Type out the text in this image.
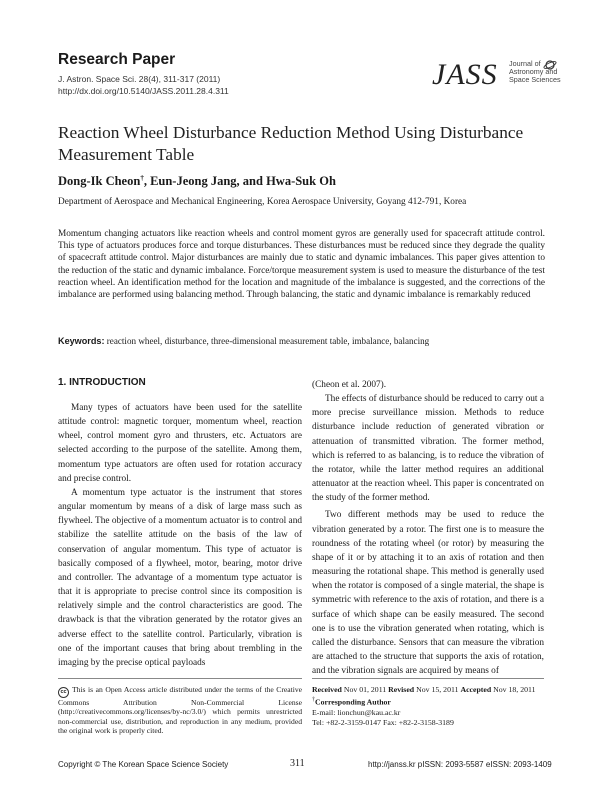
Research Paper
J. Astron. Space Sci. 28(4), 311-317 (2011)
http://dx.doi.org/10.5140/JASS.2011.28.4.311	JASS Journal of
Astronomy and
Space Sciences
Reaction Wheel Disturbance Reduction Method Using Disturbance Measurement Table
Dong-Ik Cheon†, Eun-Jeong Jang, and Hwa-Suk Oh
Department of Aerospace and Mechanical Engineering, Korea Aerospace University, Goyang 412-791, Korea
Momentum changing actuators like reaction wheels and control moment gyros are generally used for spacecraft attitude control. This type of actuators produces force and torque disturbances. These disturbances must be reduced since they degrade the quality of spacecraft attitude control. Major disturbances are mainly due to static and dynamic imbalances. This paper gives attention to the reduction of the static and dynamic imbalance. Force/torque measurement system is used to measure the disturbance of the test reaction wheel. An identification method for the location and magnitude of the imbalance is suggested, and the corrections of the imbalance are performed using balancing method. Through balancing, the static and dynamic imbalance is remarkably reduced
Keywords: reaction wheel, disturbance, three-dimensional measurement table, imbalance, balancing
1. INTRODUCTION

Many types of actuators have been used for the satellite attitude control: magnetic torquer, momentum wheel, reaction wheel, control moment gyro and thrusters, etc. Actuators are selected according to the purpose of the satellite. Among them, momentum type actuators are often used for rotation accuracy and precise control.

A momentum type actuator is the instrument that stores angular momentum by means of a disk of large mass such as flywheel. The objective of a momentum actuator is to control and stabilize the satellite attitude on the basis of the law of conservation of angular momentum. This type of actuator is basically composed of a flywheel, motor, bearing, motor drive and controller. The advantage of a momentum type actuator is that it is appropriate to precise control since its composition is relatively simple and the control characteristics are good. The drawback is that the vibration generated by the rotator gives an adverse effect to the satellite control. Particularly, vibration is one of the important causes that bring about trembling in the imaging by the precise optical payloads

(Cheon et al. 2007).

The effects of disturbance should be reduced to carry out a more precise surveillance mission. Methods to reduce disturbance include reduction of generated vibration or attenuation of transmitted vibration. The former method, which is referred to as balancing, is to reduce the vibration of the rotator, while the latter method requires an additional attenuator at the reaction wheel. This paper is concentrated on the study of the former method.

Two different methods may be used to reduce the vibration generated by a rotor. The first one is to measure the roundness of the rotating wheel (or rotor) by measuring the shape of it or by attaching it to an axis of rotation and then measuring the rotational shape. This method is generally used when the rotator is composed of a single material, the shape is symmetric with reference to the axis of rotation, and there is a surface of which shape can be easily measured. The second one is to use the vibration generated when rotating, which is called the disturbance. Sensors that can measure the vibration are attached to the structure that supports the axis of rotation, and the vibration signals are acquired by means of

cc This is an Open Access article distributed under the terms of the Creative Commons Attribution Non-Commercial License (http://creativecommons.org/licenses/by-nc/3.0/) which permits unrestricted non-commercial use, distribution, and reproduction in any medium, provided the original work is properly cited.
Received Nov 01, 2011 Revised Nov 15, 2011 Accepted Nov 18, 2011
†Corresponding Author
E-mail: lionchun@kau.ac.kr
Tel: +82-2-3159-0147 Fax: +82-2-3158-3189
Copyright © The Korean Space Science Society	311	http://janss.kr pISSN: 2093-5587 eISSN: 2093-1409
